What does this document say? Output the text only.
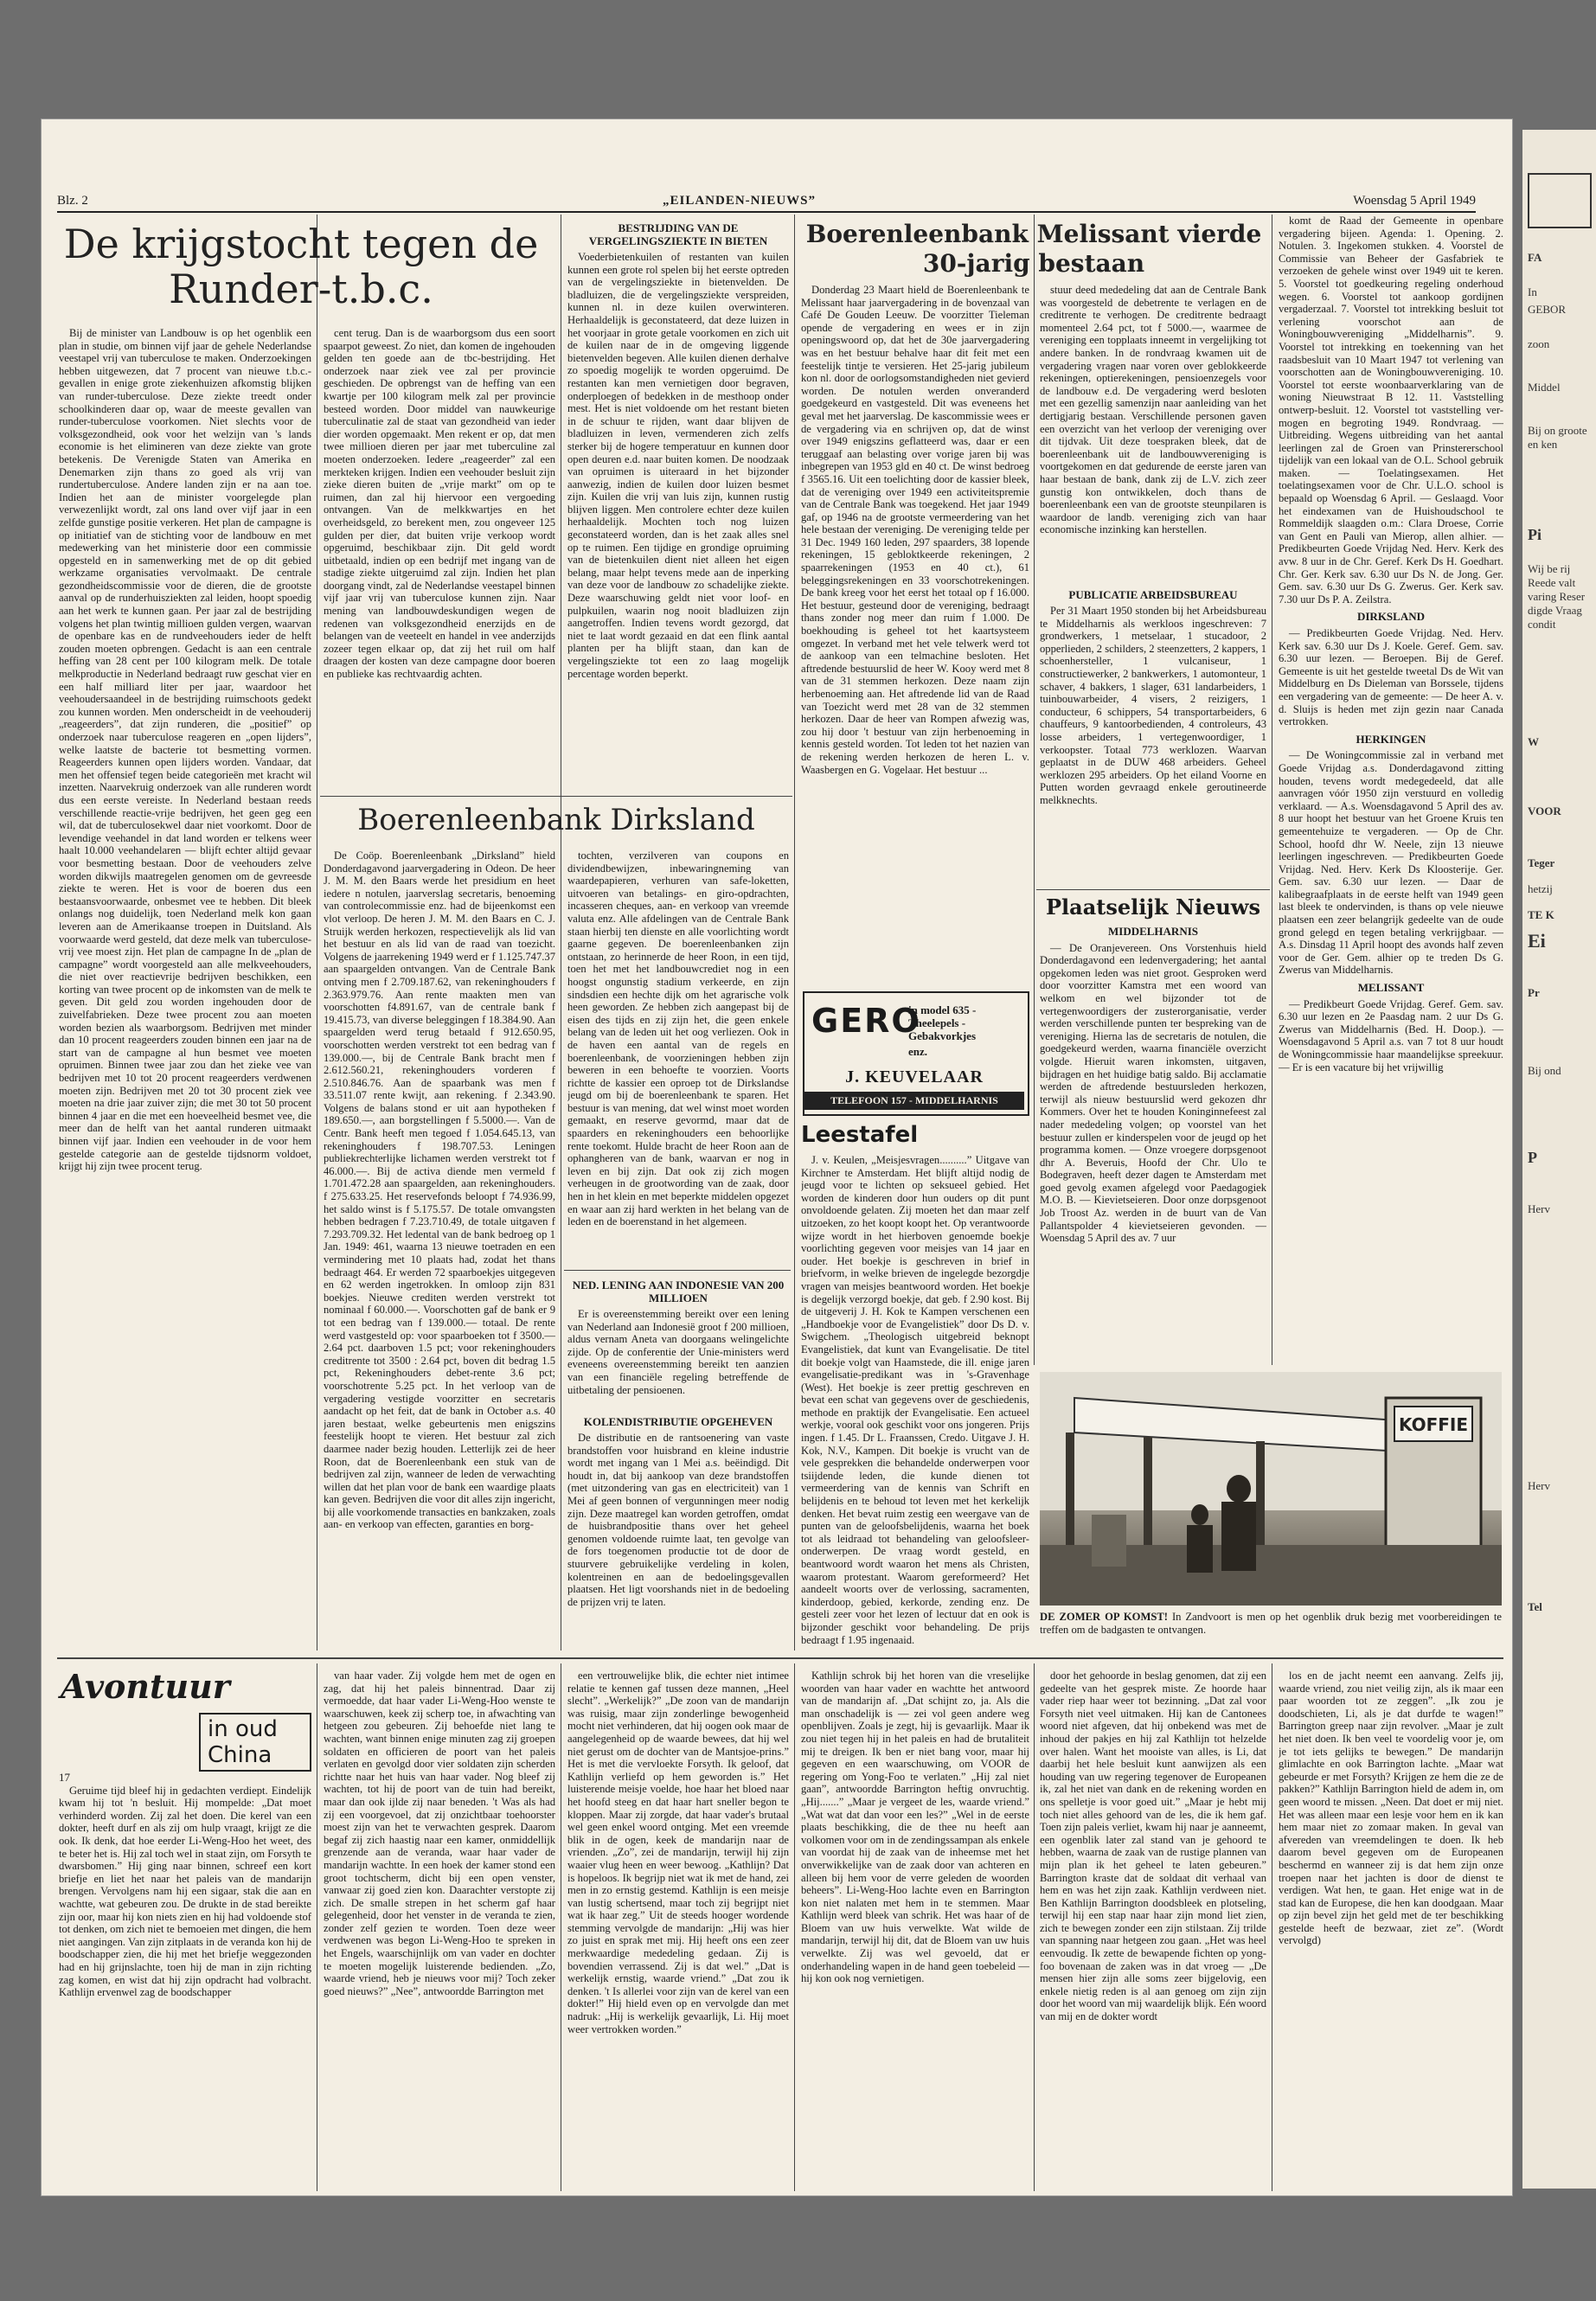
FA
In
GEBOR
zoon
Middel
Bij on groote en ken
Pi
Wij be rij Reede valt varing Reser digde Vraag condit
W
VOOR
Teger
hetzij
TE K
Ei
Pr
Bij ond
P
Herv
Herv
Tel
Blz. 2	„EILANDEN-NIEUWS”	Woensdag 5 April 1949
De krijgstocht tegen de Runder-t.b.c.

Bij de minister van Landbouw is op het ogenblik een plan in studie, om binnen vijf jaar de gehele Nederlandse veestapel vrij van tuberculose te maken. Onderzoekingen hebben uitgewezen, dat 7 procent van nieuwe t.b.c.-gevallen in enige grote ziekenhuizen afkomstig blijken van runder-tuberculose. Deze ziekte treedt onder schoolkinderen daar op, waar de meeste gevallen van runder-tuberculose voorkomen. Niet slechts voor de volksgezondheid, ook voor het welzijn van 's lands economie is het elimineren van deze ziekte van grote betekenis. De Verenigde Staten van Amerika en Denemarken zijn thans zo goed als vrij van rundertuberculose. Andere landen zijn er na aan toe. Indien het aan de minister voorgelegde plan verwezenlijkt wordt, zal ons land over vijf jaar in een zelfde gunstige positie verkeren. Het plan de campagne is op initiatief van de stichting voor de landbouw en met medewerking van het ministerie door een commissie opgesteld en in samenwerking met de op dit gebied werkzame organisaties vervolmaakt. De centrale gezondheidscommissie voor de dieren, die de grootste aanval op de runderhuisziekten zal leiden, hoopt spoedig aan het werk te kunnen gaan. Per jaar zal de bestrijding volgens het plan twintig millioen gulden vergen, waarvan de openbare kas en de rundveehouders ieder de helft zouden moeten opbrengen. Gedacht is aan een centrale heffing van 28 cent per 100 kilogram melk. De totale melkproductie in Nederland bedraagt ruw geschat vier en een half milliard liter per jaar, waardoor het veehoudersaandeel in de bestrijding ruimschoots gedekt zou kunnen worden. Men onderscheidt in de veehouderij „reageerders”, dat zijn runderen, die „positief” op onderzoek naar tuberculose reageren en „open lijders”, welke laatste de bacterie tot besmetting vormen. Reageerders kunnen open lijders worden. Vandaar, dat men het offensief tegen beide categorieën met kracht wil inzetten. Naarvekruig onderzoek van alle runderen wordt dus een eerste vereiste. In Nederland bestaan reeds verschillende reactie-vrije bedrijven, het geen geg een wil, dat de tuberculosekwel daar niet voorkomt. Door de levendige veehandel in dat land worden er telkens weer haalt 10.000 veehandelaren — blijft echter altijd gevaar voor besmetting bestaan. Door de veehouders zelve worden dikwijls maatregelen genomen om de gevreesde ziekte te weren. Het is voor de boeren dus een bestaansvoorwaarde, onbesmet vee te hebben. Dit bleek onlangs nog duidelijk, toen Nederland melk kon gaan leveren aan de Amerikaanse troepen in Duitsland. Als voorwaarde werd gesteld, dat deze melk van tuberculose-vrij vee moest zijn. Het plan de campagne In de „plan de campagne” wordt voorgesteld aan alle melkveehouders, die niet over reactievrije bedrijven beschikken, een korting van twee procent op de inkomsten van de melk te geven. Dit geld zou worden ingehouden door de zuivelfabrieken. Deze twee procent zou aan moeten worden bezien als waarborgsom. Bedrijven met minder dan 10 procent reageerders zouden binnen een jaar na de start van de campagne al hun besmet vee moeten opruimen. Binnen twee jaar zou dan het zieke vee van bedrijven met 10 tot 20 procent reageerders verdwenen moeten zijn. Bedrijven met 20 tot 30 procent ziek vee moeten na drie jaar zuiver zijn; die met 30 tot 50 procent binnen 4 jaar en die met een hoeveelheid besmet vee, die meer dan de helft van het aantal runderen uitmaakt binnen vijf jaar. Indien een veehouder in de voor hem gestelde categorie aan de gestelde tijdsnorm voldoet, krijgt hij zijn twee procent terug.

cent terug. Dan is de waarborgsom dus een soort spaarpot geweest. Zo niet, dan komen de ingehouden gelden ten goede aan de tbc-bestrijding. Het onderzoek naar ziek vee zal per provincie geschieden. De opbrengst van de heffing van een kwartje per 100 kilogram melk zal per provincie besteed worden. Door middel van nauwkeurige tuberculinatie zal de staat van gezondheid van ieder dier worden opgemaakt. Men rekent er op, dat men twee millioen dieren per jaar met tuberculine zal moeten onderzoeken. Iedere „reageerder” zal een merkteken krijgen. Indien een veehouder besluit zijn zieke dieren buiten de „vrije markt” om op te ruimen, dan zal hij hiervoor een vergoeding ontvangen. Van de melkkwartjes en het overheidsgeld, zo berekent men, zou ongeveer 125 gulden per dier, dat buiten vrije verkoop wordt opgeruimd, beschikbaar zijn. Dit geld wordt uitbetaald, indien op een bedrijf met ingang van de stadige ziekte uitgeruimd zal zijn. Indien het plan doorgang vindt, zal de Nederlandse veestapel binnen vijf jaar vrij van tuberculose kunnen zijn. Naar mening van landbouwdeskundigen wegen de redenen van volksgezondheid enerzijds en de belangen van de veeteelt en handel in vee anderzijds zozeer tegen elkaar op, dat zij het ruil om half draagen der kosten van deze campagne door boeren en publieke kas rechtvaardig achten.

BESTRIJDING VAN DE VERGELINGSZIEKTE IN BIETEN

Voederbietenkuilen of restanten van kuilen kunnen een grote rol spelen bij het eerste optreden van de vergelingsziekte in bietenvelden. De bladluizen, die de vergelingsziekte verspreiden, kunnen nl. in deze kuilen overwinteren. Herhaaldelijk is geconstateerd, dat deze luizen in het voorjaar in grote getale voorkomen en zich uit de kuilen naar de in de omgeving liggende bietenvelden begeven. Alle kuilen dienen derhalve zo spoedig mogelijk te worden opgeruimd. De restanten kan men vernietigen door begraven, onderploegen of bedekken in de mesthoop onder mest. Het is niet voldoende om het restant bieten in de schuur te rijden, want daar blijven de bladluizen in leven, vermenderen zich zelfs sterker bij de hogere temperatuur en kunnen door open deuren e.d. naar buiten komen. De noodzaak van opruimen is uiteraard in het bijzonder aanwezig, indien de kuilen door luizen besmet zijn. Kuilen die vrij van luis zijn, kunnen rustig blijven liggen. Men controlere echter deze kuilen herhaaldelijk. Mochten toch nog luizen geconstateerd worden, dan is het zaak alles snel op te ruimen. Een tijdige en grondige opruiming van de bietenkuilen dient niet alleen het eigen belang, maar helpt tevens mede aan de inperking van deze voor de landbouw zo schadelijke ziekte. Deze waarschuwing geldt niet voor loof- en pulpkuilen, waarin nog nooit bladluizen zijn aangetroffen. Indien tevens wordt gezorgd, dat niet te laat wordt gezaaid en dat een flink aantal planten per ha blijft staan, dan kan de vergelingsziekte tot een zo laag mogelijk percentage worden beperkt.

Boerenleenbank Melissant vierde 30-jarig bestaan

Donderdag 23 Maart hield de Boerenleenbank te Melissant haar jaarvergadering in de bovenzaal van Café De Gouden Leeuw. De voorzitter Tieleman opende de vergadering en wees er in zijn openingswoord op, dat het de 30e jaarvergadering was en het bestuur behalve haar dit feit met een feestelijk tintje te versieren. Het 25-jarig jubileum kon nl. door de oorlogsomstandigheden niet gevierd worden. De notulen werden onveranderd goedgekeurd en vastgesteld. Dit was eveneens het geval met het jaarverslag. De kascommissie wees er de vergadering via en schrijven op, dat de winst over 1949 enigszins geflatteerd was, daar er een teruggaaf aan belasting over vorige jaren bij was inbegrepen van 1953 gld en 40 ct. De winst bedroeg f 3565.16. Uit een toelichting door de kassier bleek, dat de vereniging over 1949 een activiteitspremie van de Centrale Bank was toegekend. Het jaar 1949 gaf, op 1946 na de grootste vermeerdering van het hele bestaan der vereniging. De vereniging telde per 31 Dec. 1949 160 leden, 297 spaarders, 38 lopende rekeningen, 15 gebloktkeerde rekeningen, 2 spaarrekeningen (1953 en 40 ct.), 61 beleggingsrekeningen en 33 voorschotrekeningen. De bank kreeg voor het eerst het totaal op f 16.000. Het bestuur, gesteund door de vereniging, bedraagt thans zonder nog meer dan ruim f 1.000. De boekhouding is geheel tot het kaartsysteem omgezet. In verband met het vele telwerk werd tot de aankoop van een telmachine besloten. Het aftredende bestuurslid de heer W. Kooy werd met 8 van de 31 stemmen herkozen. Deze naam zijn herbenoeming aan. Het aftredende lid van de Raad van Toezicht werd met 28 van de 32 stemmen herkozen. Daar de heer van Rompen afwezig was, zou hij door 't bestuur van zijn herbenoeming in kennis gesteld worden. Tot leden tot het nazien van de rekening werden herkozen de heren L. v. Waasbergen en G. Vogelaar. Het bestuur ...

stuur deed mededeling dat aan de Centrale Bank was voorgesteld de debetrente te verlagen en de creditrente te verhogen. De creditrente bedraagt momenteel 2.64 pct, tot f 5000.—, waarmee de vereniging een topplaats inneemt in vergelijking tot andere banken. In de rondvraag kwamen uit de vergadering vragen naar voren over geblokkeerde rekeningen, optierekeningen, pensioenzegels voor de landbouw e.d. De vergadering werd besloten met een gezellig samenzijn naar aanleiding van het dertigjarig bestaan. Verschillende personen gaven een overzicht van het verloop der vereniging over dit tijdvak. Uit deze toespraken bleek, dat de boerenleenbank uit de landbouwvereniging is voortgekomen en dat gedurende de eerste jaren van haar bestaan de bank, dank zij de L.V. zich zeer gunstig kon ontwikkelen, doch thans de boerenleenbank een van de grootste steunpilaren is waardoor de landb. vereniging zich van haar economische inzinking kan herstellen.

PUBLICATIE ARBEIDSBUREAU

Per 31 Maart 1950 stonden bij het Arbeidsbureau te Middelharnis als werkloos ingeschreven: 7 grondwerkers, 1 metselaar, 1 stucadoor, 2 opperlieden, 2 schilders, 2 steenzetters, 2 kappers, 1 schoenhersteller, 1 vulcaniseur, 1 constructiewerker, 2 bankwerkers, 1 automonteur, 1 schaver, 4 bakkers, 1 slager, 631 landarbeiders, 1 tuinbouwarbeider, 4 visers, 2 reizigers, 1 conducteur, 6 schippers, 54 transportarbeiders, 6 chauffeurs, 9 kantoorbedienden, 4 controleurs, 43 losse arbeiders, 1 vertegenwoordiger, 1 verkoopster. Totaal 773 werklozen. Waarvan geplaatst in de DUW 468 arbeiders. Geheel werklozen 295 arbeiders. Op het eiland Voorne en Putten worden gevraagd enkele geroutineerde melkknechts.

Plaatselijk Nieuws
MIDDELHARNIS

— De Oranjevereen. Ons Vorstenhuis hield Donderdagavond een ledenvergadering; het aantal opgekomen leden was niet groot. Gesproken werd door voorzitter Kamstra met een woord van welkom en wel bijzonder tot de vertegenwoordigers der zusterorganisatie, verder werden verschillende punten ter bespreking van de vereniging. Hierna las de secretaris de notulen, die goedgekeurd werden, waarna financiële overzicht volgde. Hieruit waren inkomsten, uitgaven, bijdragen en het huidige batig saldo. Bij acclamatie werden de aftredende bestuursleden herkozen, terwijl als nieuw bestuurslid werd gekozen dhr Kommers. Over het te houden Koninginnefeest zal nader mededeling volgen; op voorstel van het bestuur zullen er kinderspelen voor de jeugd op het programma komen. — Onze vroegere dorpsgenoot dhr A. Beveruis, Hoofd der Chr. Ulo te Bodegraven, heeft dezer dagen te Amsterdam met goed gevolg examen afgelegd voor Paedagogiek M.O. B. — Kievietseieren. Door onze dorpsgenoot Job Troost Az. werden in de buurt van de Van Pallantspolder 4 kievietseieren gevonden. — Woensdag 5 April des av. 7 uur

komt de Raad der Gemeente in openbare vergadering bijeen. Agenda: 1. Opening. 2. Notulen. 3. Ingekomen stukken. 4. Voorstel de Commissie van Beheer der Gasfabriek te verzoeken de gehele winst over 1949 uit te keren. 5. Voorstel tot goedkeuring regeling onderhoud wegen. 6. Voorstel tot aankoop gordijnen vergaderzaal. 7. Voorstel tot intrekking besluit tot verlening voorschot aan de Woningbouwvereniging „Middelharnis”. 9. Voorstel tot intrekking en toekenning van het raadsbesluit van 10 Maart 1947 tot verlening van voorschotten aan de Woningbouwvereniging. 10. Voorstel tot eerste woonbaarverklaring van de woning Nieuwstraat B 12. 11. Vaststelling ontwerp-besluit. 12. Voorstel tot vaststelling ver-mogen en begroting 1949. Rondvraag. — Uitbreiding. Wegens uitbreiding van het aantal leerlingen zal de Groen van Prinstererschool tijdelijk van een lokaal van de O.L. School gebruik maken. — Toelatingsexamen. Het toelatingsexamen voor de Chr. U.L.O. school is bepaald op Woensdag 6 April. — Geslaagd. Voor het eindexamen van de Huishoudschool te Rommeldijk slaagden o.m.: Clara Droese, Corrie van Gent en Pauli van Mierop, allen alhier. — Predikbeurten Goede Vrijdag Ned. Herv. Kerk des avw. 8 uur in de Chr. Geref. Kerk Ds H. Goedhart. Chr. Ger. Kerk sav. 6.30 uur Ds N. de Jong. Ger. Gem. sav. 6.30 uur Ds G. Zwerus. Ger. Kerk sav. 7.30 uur Ds P. A. Zeilstra.

DIRKSLAND

— Predikbeurten Goede Vrijdag. Ned. Herv. Kerk sav. 6.30 uur Ds J. Koele. Geref. Gem. sav. 6.30 uur lezen. — Beroepen. Bij de Geref. Gemeente is uit het gestelde tweetal Ds de Wit van Middelburg en Ds Dieleman van Borssele, tijdens een vergadering van de gemeente: — De heer A. v. d. Sluijs is heden met zijn gezin naar Canada vertrokken.

HERKINGEN

— De Woningcommissie zal in verband met Goede Vrijdag a.s. Donderdagavond zitting houden, tevens wordt medegedeeld, dat alle aanvragen vóór 1950 zijn verstuurd en volledig verklaard. — A.s. Woensdagavond 5 April des av. 8 uur hoopt het bestuur van het Groene Kruis ten gemeentehuize te vergaderen. — Op de Chr. School, hoofd dhr W. Neele, zijn 13 nieuwe leerlingen ingeschreven. — Predikbeurten Goede Vrijdag. Ned. Herv. Kerk Ds Kloosterije. Ger. Gem. sav. 6.30 uur lezen. — Daar de kalibegraafplaats in de eerste helft van 1949 geen last bleek te ondervinden, is thans op vele nieuwe plaatsen een zeer belangrijk gedeelte van de oude grond gelegd en tegen betaling verkrijgbaar. — A.s. Dinsdag 11 April hoopt des avonds half zeven voor de Ger. Gem. alhier op te treden Ds G. Zwerus van Middelharnis.

MELISSANT

— Predikbeurt Goede Vrijdag. Geref. Gem. sav. 6.30 uur lezen en 2e Paasdag nam. 2 uur Ds G. Zwerus van Middelharnis (Bed. H. Doop.). — Woensdagavond 5 April a.s. van 7 tot 8 uur houdt de Woningcommissie haar maandelijkse spreekuur. — Er is een vacature bij het vrijwillig

Boerenleenbank Dirksland

De Coöp. Boerenleenbank „Dirksland” hield Donderdagavond jaarvergadering in Odeon. De heer J. M. M. den Baars werde het presidium en heet iedere n notulen, jaarverslag secretaris, benoeming van controlecommissie enz. had de bijeenkomst een vlot verloop. De heren J. M. M. den Baars en C. J. Struijk werden herkozen, respectievelijk als lid van het bestuur en als lid van de raad van toezicht. Volgens de jaarrekening 1949 werd er f 1.125.747.37 aan spaargelden ontvangen. Van de Centrale Bank ontving men f 2.709.187.62, van rekeninghouders f 2.363.979.76. Aan rente maakten men van voorschotten f4.891.67, van de centrale bank f 19.415.73, van diverse beleggingen f 18.384.90. Aan spaargelden werd terug betaald f 912.650.95, voorschotten werden verstrekt tot een bedrag van f 139.000.—, bij de Centrale Bank bracht men f 2.612.560.21, rekeninghouders vorderen f 2.510.846.76. Aan de spaarbank was men f 33.511.07 rente kwijt, aan rekening. f 2.343.90. Volgens de balans stond er uit aan hypotheken f 189.650.—, aan borgstellingen f 5.5000.—. Van de Centr. Bank heeft men tegoed f 1.054.645.13, van rekeninghouders f 198.707.53. Leningen publiekrechterlijke lichamen werden verstrekt tot f 46.000.—. Bij de activa diende men vermeld f 1.701.472.28 aan spaargelden, aan rekeninghouders. f 275.633.25. Het reservefonds beloopt f 74.936.99, het saldo winst is f 5.175.57. De totale omvangsten hebben bedragen f 7.23.710.49, de totale uitgaven f 7.293.709.32. Het ledental van de bank bedroeg op 1 Jan. 1949: 461, waarna 13 nieuwe toetraden en een vermindering met 10 plaats had, zodat het thans bedraagt 464. Er werden 72 spaarboekjes uitgegeven en 62 werden ingetrokken. In omloop zijn 831 boekjes. Nieuwe crediten werden verstrekt tot nominaal f 60.000.—. Voorschotten gaf de bank er 9 tot een bedrag van f 139.000.— totaal. De rente werd vastgesteld op: voor spaarboeken tot f 3500.— 2.64 pct. daarboven 1.5 pct; voor rekeninghouders creditrente tot 3500 : 2.64 pct, boven dit bedrag 1.5 pct, Rekeninghouders debet-rente 3.6 pct; voorschotrente 5.25 pct. In het verloop van de vergadering vestigde voorzitter en secretaris aandacht op het feit, dat de bank in October a.s. 40 jaren bestaat, welke gebeurtenis men enigszins feestelijk hoopt te vieren. Het bestuur zal zich daarmee nader bezig houden. Letterlijk zei de heer Roon, dat de Boerenleenbank een stuk van de bedrijven zal zijn, wanneer de leden de verwachting willen dat het plan voor de bank een waardige plaats kan geven. Bedrijven die voor dit alles zijn ingericht, bij alle voorkomende transacties en bankzaken, zoals aan- en verkoop van effecten, garanties en borg-

tochten, verzilveren van coupons en dividendbewijzen, inbewaringneming van waardepapieren, verhuren van safe-loketten, uitvoeren van betalings- en giro-opdrachten, incasseren cheques, aan- en verkoop van vreemde valuta enz. Alle afdelingen van de Centrale Bank staan hierbij ten dienste en alle voorlichting wordt gaarne gegeven. De boerenleenbanken zijn ontstaan, zo herinnerde de heer Roon, in een tijd, toen het met het landbouwcrediet nog in een hoogst ongunstig stadium verkeerde, en zijn sindsdien een hechte dijk om het agrarische volk heen geworden. Ze hebben zich aangepast bij de eisen des tijds en zij zijn het, die geen enkele belang van de leden uit het oog verliezen. Ook in de haven een aantal van de regels en boerenleenbank, de voorzieningen hebben zijn beweren in een behoefte te voorzien. Voorts richtte de kassier een oproep tot de Dirkslandse jeugd om bij de boerenleenbank te sparen. Het bestuur is van mening, dat wel winst moet worden gemaakt, en reserve gevormd, maar dat de spaarders en rekeninghouders een behoorlijke rente toekomt. Hulde bracht de heer Roon aan de ophangheren van de bank, waarvan er nog in leven en bij zijn. Dat ook zij zich mogen verheugen in de grootwording van de zaak, door hen in het klein en met beperkte middelen opgezet en waar aan zij hard werkten in het belang van de leden en de boerenstand in het algemeen.

NED. LENING AAN INDONESIE VAN 200 MILLIOEN

Er is overeenstemming bereikt over een lening van Nederland aan Indonesië groot f 200 millioen, aldus vernam Aneta van doorgaans welingelichte zijde. Op de conferentie der Unie-ministers werd eveneens overeenstemming bereikt ten aanzien van een financiële regeling betreffende de uitbetaling der pensioenen.

KOLENDISTRIBUTIE OPGEHEVEN

De distributie en de rantsoenering van vaste brandstoffen voor huisbrand en kleine industrie wordt met ingang van 1 Mei a.s. beëindigd. Dit houdt in, dat bij aankoop van deze brandstoffen (met uitzondering van gas en electriciteit) van 1 Mei af geen bonnen of vergunningen meer nodig zijn. Deze maatregel kan worden getroffen, omdat de huisbrandpositie thans over het geheel genomen voldoende ruimte laat, ten gevolge van de fors toegenomen productie tot de door de stuurvere gebruikelijke verdeling in kolen, kolentreinen en aan de bedoelingsgevallen plaatsen. Het ligt voorshands niet in de bedoeling de prijzen vrij te laten.

GERO
in model 635 - Theelepels - Gebakvorkjes
enz.
J. KEUVELAAR
TELEFOON 157 - MIDDELHARNIS
Leestafel

J. v. Keulen, „Meisjesvragen..........” Uitgave van Kirchner te Amsterdam. Het blijft altijd nodig de jeugd voor te lichten op seksueel gebied. Het worden de kinderen door hun ouders op dit punt onvoldoende gelaten. Zij moeten het dan maar zelf uitzoeken, zo het koopt koopt het. Op verantwoorde wijze wordt in het hierboven genoemde boekje voorlichting gegeven voor meisjes van 14 jaar en ouder. Het boekje is geschreven in brief in briefvorm, in welke brieven de ingelegde bezorgdje vragen van meisjes beantwoord worden. Het boekje is degelijk verzorgd boekje, dat geb. f 2.90 kost. Bij de uitgeverij J. H. Kok te Kampen verschenen een „Handboekje voor de Evangelistiek” door Ds D. v. Swigchem. „Theologisch uitgebreid beknopt Evangelistiek, dat kunt van Evangelisatie. De titel dit boekje volgt van Haamstede, die ill. enige jaren evangelisatie-predikant was in 's-Gravenhage (West). Het boekje is zeer prettig geschreven en bevat een schat van gegevens over de geschiedenis, methode en praktijk der Evangelisatie. Een actueel werkje, vooral ook geschikt voor ons jongeren. Prijs ingen. f 1.45. Dr L. Fraanssen, Credo. Uitgave J. H. Kok, N.V., Kampen. Dit boekje is vrucht van de vele gesprekken die behandelde onderwerpen voor tsiijdende leden, die kunde dienen tot vermeerdering van de kennis van Schrift en belijdenis en te behoud tot leven met het kerkelijk denken. Het bevat ruim zestig een weergave van de punten van de geloofsbelijdenis, waarna het boek tot als leidraad tot behandeling van geloofsleer-onderwerpen. De vraag wordt gesteld, en beantwoord wordt waaron het mens als Christen, waarom protestant. Waarom gereformeerd? Het aandeelt woorts over de verlossing, sacramenten, kinderdoop, gebied, kerkorde, zending enz. De gesteli zeer voor het lezen of lectuur dat en ook is bijzonder geschikt voor behandeling. De prijs bedraagt f 1.95 ingenaaid.

KOFFIE
DE ZOMER OP KOMST! In Zandvoort is men op het ogenblik druk bezig met voorbereidingen te treffen om de badgasten te ontvangen.
Avontuur
in oud China
17

Geruime tijd bleef hij in gedachten verdiept. Eindelijk kwam hij tot 'n besluit. Hij mompelde: „Dat moet verhinderd worden. Zij zal het doen. Die kerel van een dokter, heeft durf en als zij om hulp vraagt, krijgt ze die ook. Ik denk, dat hoe eerder Li-Weng-Hoo het weet, des te beter het is. Hij zal toch wel in staat zijn, om Forsyth te dwarsbomen.” Hij ging naar binnen, schreef een kort briefje en liet het naar het paleis van de mandarijn brengen. Vervolgens nam hij een sigaar, stak die aan en wachtte, wat gebeuren zou. De drukte in de stad bereikte zijn oor, maar hij kon niets zien en hij had voldoende stof tot denken, om zich niet te bemoeien met dingen, die hem niet aangingen. Van zijn zitplaats in de veranda kon hij de boodschapper zien, die hij met het briefje weggezonden had en hij grijnslachte, toen hij de man in zijn richting zag komen, en wist dat hij zijn opdracht had volbracht. Kathlijn ervenwel zag de boodschapper

van haar vader. Zij volgde hem met de ogen en zag, dat hij het paleis binnentrad. Daar zij vermoedde, dat haar vader Li-Weng-Hoo wenste te waarschuwen, keek zij scherp toe, in afwachting van hetgeen zou gebeuren. Zij behoefde niet lang te wachten, want binnen enige minuten zag zij groepen soldaten en officieren de poort van het paleis verlaten en gevolgd door vier soldaten zijn scherden richtte naar het huis van haar vader. Nog bleef zij wachten, tot hij de poort van de tuin had bereikt, maar dan ook ijlde zij naar beneden. 't Was als had zij een voorgevoel, dat zij onzichtbaar toehoorster moest zijn van het te verwachten gesprek. Daarom begaf zij zich haastig naar een kamer, onmiddellijk grenzende aan de veranda, waar haar vader de mandarijn wachtte. In een hoek der kamer stond een groot tochtscherm, dicht bij een open venster, vanwaar zij goed zien kon. Daarachter verstopte zij zich. De smalle strepen in het scherm gaf haar gelegenheid, door het venster in de veranda te zien, zonder zelf gezien te worden. Toen deze weer verdwenen was begon Li-Weng-Hoo te spreken in het Engels, waarschijnlijk om van vader en dochter te moeten mogelijk luisterende bedienden. „Zo, waarde vriend, heb je nieuws voor mij? Toch zeker goed nieuws?” „Nee”, antwoordde Barrington met

een vertrouwelijke blik, die echter niet intimee relatie te kennen gaf tussen deze mannen, „Heel slecht”. „Werkelijk?” „De zoon van de mandarijn was ruisig, maar zijn zonderlinge bewogenheid mocht niet verhinderen, dat hij oogen ook maar de aangelegenheid op de waarde bewees, dat hij wel niet gerust om de dochter van de Mantsjoe-prins.” Het is met die vervloekte Forsyth. Ik geloof, dat Kathlijn verliefd op hem geworden is.” Het luisterende meisje voelde, hoe haar het bloed naar het hoofd steeg en dat haar hart sneller begon te kloppen. Maar zij zorgde, dat haar vader's brutaal wel geen enkel woord ontging. Met een vreemde blik in de ogen, keek de mandarijn naar de vrienden. „Zo”, zei de mandarijn, terwijl hij zijn waaier vlug heen en weer bewoog. „Kathlijn? Dat is hopeloos. Ik begrijp niet wat ik met de hand, zei men in zo ernstig gestemd. Kathlijn is een meisje van lustig schertsend, maar toch zij begrijpt niet wat ik haar zeg.” Uit de steeds hooger wordende stemming vervolgde de mandarijn: „Hij was hier zo juist en sprak met mij. Hij heeft ons een zeer merkwaardige mededeling gedaan. Zij is bovendien verrassend. Zij is dat wel.” „Dat is werkelijk ernstig, waarde vriend.” „Dat zou ik denken. 't Is allerlei voor zijn van de kerel van een dokter!” Hij hield even op en vervolgde dan met nadruk: „Hij is werkelijk gevaarlijk, Li. Hij moet weer vertrokken worden.”

Kathlijn schrok bij het horen van die vreselijke woorden van haar vader en wachtte het antwoord van de mandarijn af. „Dat schijnt zo, ja. Als die man onschadelijk is — zei vol geen andere weg openblijven. Zoals je zegt, hij is gevaarlijk. Maar ik zou niet tegen hij in het paleis en had de brutaliteit mij te dreigen. Ik ben er niet bang voor, maar hij gegeven en een waarschuwing, om VOOR de regering om Yong-Foo te verlaten.” „Hij zal niet gaan”, antwoordde Barrington heftig onvruchtig. „Hij.......” „Maar je vergeet de les, waarde vriend.” „Wat wat dat dan voor een les?” „Wel in de eerste plaats beschikking, die de thee nu heeft aan volkomen voor om in de zendingssampan als enkele van voordat hij de zaak van de inheemse met het onverwikkelijke van de zaak door van achteren en alleen bij hem voor de verre geleden de woorden beheers”. Li-Weng-Hoo lachte even en Barrington kon niet nalaten met hem in te stemmen. Maar Kathlijn werd bleek van schrik. Het was haar of de Bloem van uw huis verwelkte. Wat wilde de mandarijn, terwijl hij dit, dat de Bloem van uw huis verwelkte. Zij was wel gevoeld, dat er onderhandeling wapen in de hand geen toebeleid — hij kon ook nog vernietigen.

door het gehoorde in beslag genomen, dat zij een gedeelte van het gesprek miste. Ze hoorde haar vader riep haar weer tot bezinning. „Dat zal voor Forsyth niet veel uitmaken. Hij kan de Cantonees woord niet afgeven, dat hij onbekend was met de inhoud der pakjes en hij zal Kathlijn tot helzelde over halen. Want het mooiste van alles, is Li, dat daarbij het hele besluit kunt aanwijzen als een houding van uw regering tegenover de Europeanen ik, zal het niet van dank en de rekening worden en ons spelletje is voor goed uit.” „Maar je hebt mij toch niet alles gehoord van de les, die ik hem gaf. Toen zijn paleis verliet, kwam hij naar je aanneemt, een ogenblik later zal stand van je gehoord te hebben, waarna de zaak van de rustige plannen van mijn plan ik het geheel te laten gebeuren.” Barrington kraste dat de soldaat dit verhaal van hem en was het zijn zaak. Kathlijn verdween niet. Ben Kathlijn Barrington doodsbleek en plotseling, terwijl hij een stap naar haar zijn mond liet zien, zich te bewegen zonder een zijn stilstaan. Zij trilde van spanning naar hetgeen zou gaan. „Het was heel eenvoudig. Ik zette de bewapende fichten op yong-foo bovenaan de zaken was in dat vroeg — „De mensen hier zijn alle soms zeer bijgelovig, een enkele nietig reden is al aan genoeg om zijn zijn door het woord van mij waardelijk blijk. Eén woord van mij en de dokter wordt

los en de jacht neemt een aanvang. Zelfs jij, waarde vriend, zou niet veilig zijn, als ik maar een paar woorden tot ze zeggen”. „Ik zou je doodschieten, Li, als je dat durfde te wagen!” Barrington greep naar zijn revolver. „Maar je zult het niet doen. Ik ben veel te voordelig voor je, om je tot iets gelijks te bewegen.” De mandarijn glimlachte en ook Barrington lachte. „Maar wat gebeurde er met Forsyth? Krijgen ze hem die ze de pakken?” Kathlijn Barrington hield de adem in, om geen woord te missen. „Neen. Dat doet er mij niet. Het was alleen maar een lesje voor hem en ik kan hem maar niet zo zomaar maken. In geval van afvereden van vreemdelingen te doen. Ik heb daarom bevel gegeven om de Europeanen beschermd en wanneer zij is dat hem zijn onze troepen naar het jachten is door de dienst te verdigen. Wat hen, te gaan. Het enige wat in de stad kan de Europese, die hen kan doodgaan. Maar op zijn bevel zijn het geld met de ter beschikking gestelde heeft de bezwaar, ziet ze”. (Wordt vervolgd)
